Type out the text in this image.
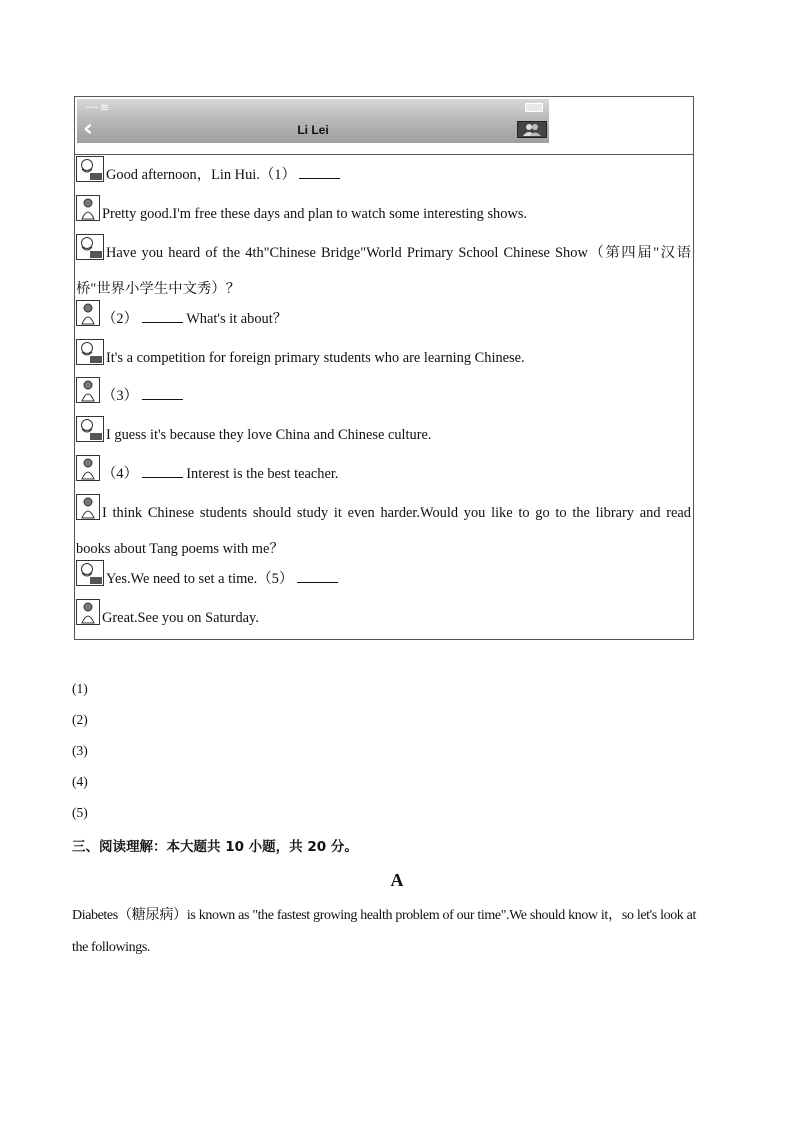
····· ≋
‹	Li Lei
Good afternoon，Lin Hui.（1）
Pretty good.I'm free these days and plan to watch some interesting shows.
Have you heard of the 4th"Chinese Bridge"World Primary School Chinese Show（第四届"汉语桥"世界小学生中文秀）？
（2）	What's it about？
It's a competition for foreign primary students who are learning Chinese.
（3）
I guess it's because they love China and Chinese culture.
（4）	Interest is the best teacher.
I think Chinese students should study it even harder.Would you like to go to the library and read books about Tang poems with me？
Yes.We need to set a time.（5）
Great.See you on Saturday.
(1)
(2)
(3)
(4)
(5)
三、阅读理解：本大题共 10 小题，共 20 分。
A
Diabetes（糖尿病）is known as "the fastest growing health problem of our time".We should know it，so let's look at the followings.
